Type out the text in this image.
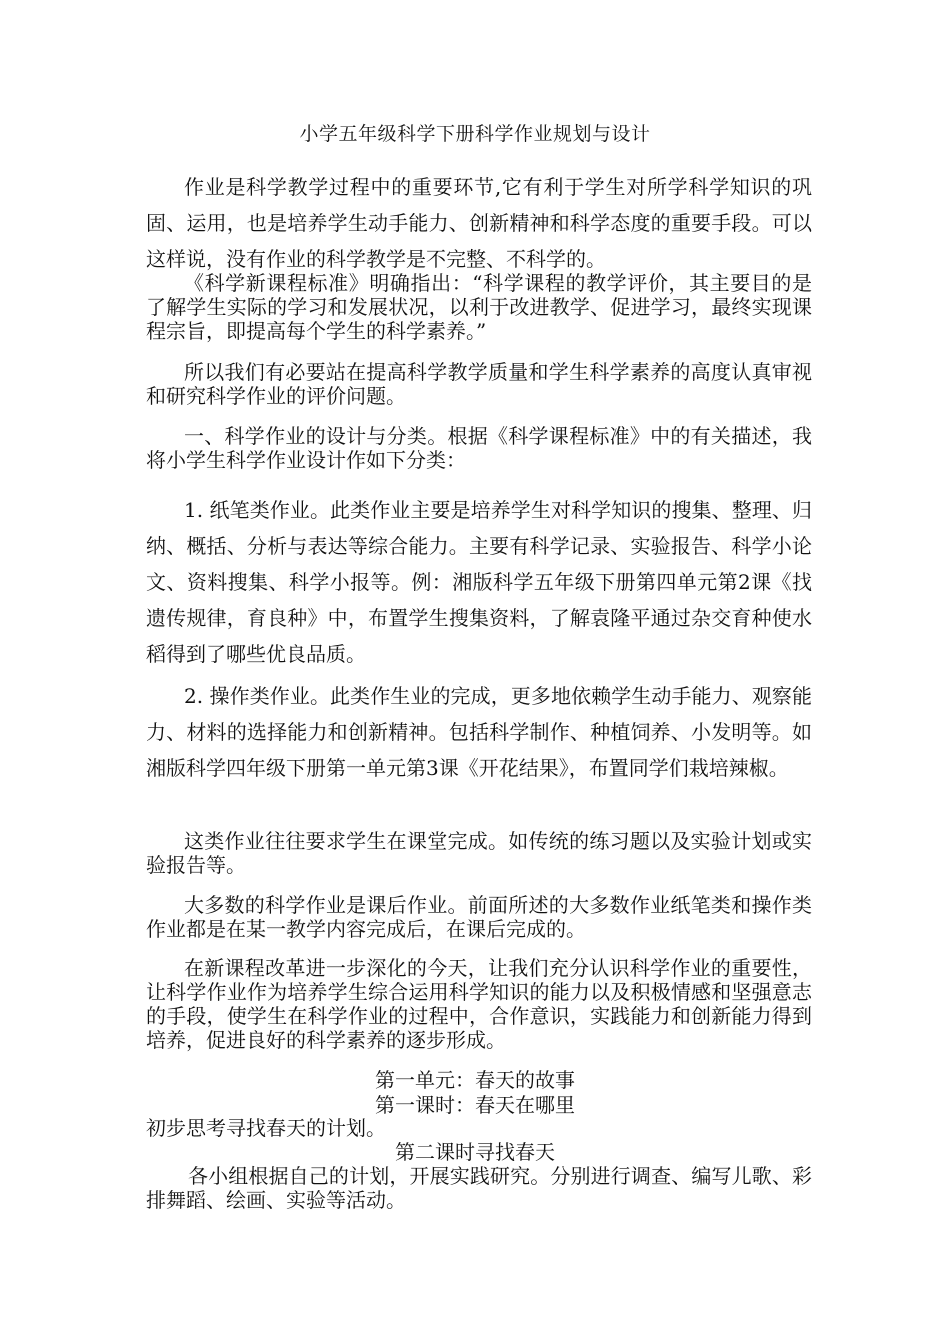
小学五年级科学下册科学作业规划与设计
作业是科学教学过程中的重要环节,它有利于学生对所学科学知识的巩固、运用，也是培养学生动手能力、创新精神和科学态度的重要手段。可以这样说，没有作业的科学教学是不完整、不科学的。
《科学新课程标准》明确指出：“科学课程的教学评价，其主要目的是了解学生实际的学习和发展状况，以利于改进教学、促进学习，最终实现课程宗旨，即提高每个学生的科学素养。”
所以我们有必要站在提高科学教学质量和学生科学素养的高度认真审视和研究科学作业的评价问题。
一、科学作业的设计与分类。根据《科学课程标准》中的有关描述，我将小学生科学作业设计作如下分类：
1. 纸笔类作业。此类作业主要是培养学生对科学知识的搜集、整理、归纳、概括、分析与表达等综合能力。主要有科学记录、实验报告、科学小论文、资料搜集、科学小报等。例：湘版科学五年级下册第四单元第2课《找遗传规律，育良种》中，布置学生搜集资料，了解袁隆平通过杂交育种使水稻得到了哪些优良品质。
2. 操作类作业。此类作生业的完成，更多地依赖学生动手能力、观察能力、材料的选择能力和创新精神。包括科学制作、种植饲养、小发明等。如湘版科学四年级下册第一单元第3课《开花结果》，布置同学们栽培辣椒。
这类作业往往要求学生在课堂完成。如传统的练习题以及实验计划或实验报告等。
大多数的科学作业是课后作业。前面所述的大多数作业纸笔类和操作类作业都是在某一教学内容完成后，在课后完成的。
在新课程改革进一步深化的今天，让我们充分认识科学作业的重要性，让科学作业作为培养学生综合运用科学知识的能力以及积极情感和坚强意志的手段，使学生在科学作业的过程中，合作意识，实践能力和创新能力得到培养，促进良好的科学素养的逐步形成。
第一单元：春天的故事
第一课时：春天在哪里
初步思考寻找春天的计划。
第二课时寻找春天
各小组根据自己的计划，开展实践研究。分别进行调查、编写儿歌、彩排舞蹈、绘画、实验等活动。
